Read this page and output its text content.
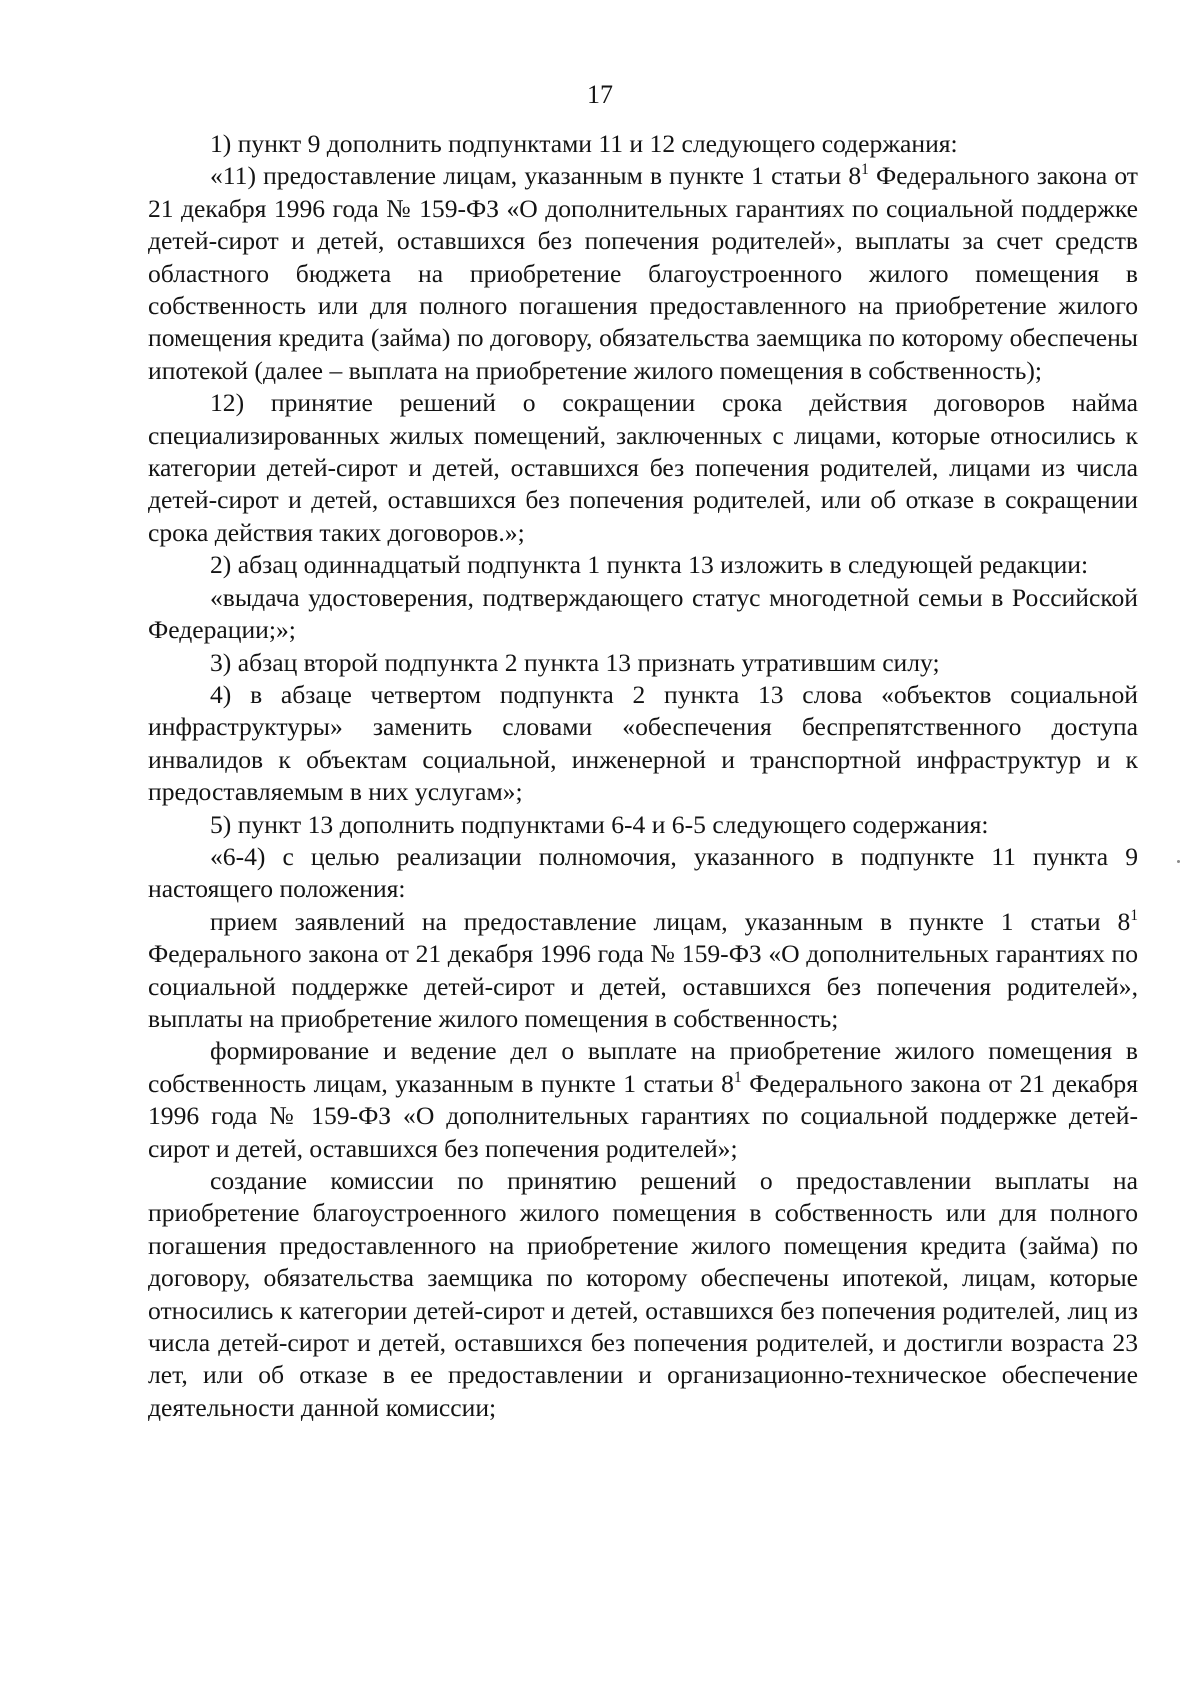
17

1) пункт 9 дополнить подпунктами 11 и 12 следующего содержания:

«11) предоставление лицам, указанным в пункте 1 статьи $8^1$ Федерального закона от 21 декабря 1996 года № 159-ФЗ «О дополнительных гарантиях по социальной поддержке детей-сирот и детей, оставшихся без попечения родителей», выплаты за счет средств областного бюджета на приобретение благоустроенного жилого помещения в собственность или для полного погашения предоставленного на приобретение жилого помещения кредита (займа) по договору, обязательства заемщика по которому обеспечены ипотекой (далее – выплата на приобретение жилого помещения в собственность);

12) принятие решений о сокращении срока действия договоров найма специализированных жилых помещений, заключенных с лицами, которые относились к категории детей-сирот и детей, оставшихся без попечения родителей, лицами из числа детей-сирот и детей, оставшихся без попечения родителей, или об отказе в сокращении срока действия таких договоров.»;

2) абзац одиннадцатый подпункта 1 пункта 13 изложить в следующей редакции:

«выдача удостоверения, подтверждающего статус многодетной семьи в Российской Федерации;»;

3) абзац второй подпункта 2 пункта 13 признать утратившим силу;

4) в абзаце четвертом подпункта 2 пункта 13 слова «объектов социальной инфраструктуры» заменить словами «обеспечения беспрепятственного доступа инвалидов к объектам социальной, инженерной и транспортной инфраструктур и к предоставляемым в них услугам»;

5) пункт 13 дополнить подпунктами 6-4 и 6-5 следующего содержания:

«6-4) с целью реализации полномочия, указанного в подпункте 11 пункта 9 настоящего положения:

прием заявлений на предоставление лицам, указанным в пункте 1 статьи $8^1$ Федерального закона от 21 декабря 1996 года № 159-ФЗ «О дополнительных гарантиях по социальной поддержке детей-сирот и детей, оставшихся без попечения родителей», выплаты на приобретение жилого помещения в собственность;

формирование и ведение дел о выплате на приобретение жилого помещения в собственность лицам, указанным в пункте 1 статьи $8^1$ Федерального закона от 21 декабря 1996 года № 159-ФЗ «О дополнительных гарантиях по социальной поддержке детей-сирот и детей, оставшихся без попечения родителей»;

создание комиссии по принятию решений о предоставлении выплаты на приобретение благоустроенного жилого помещения в собственность или для полного погашения предоставленного на приобретение жилого помещения кредита (займа) по договору, обязательства заемщика по которому обеспечены ипотекой, лицам, которые относились к категории детей-сирот и детей, оставшихся без попечения родителей, лиц из числа детей-сирот и детей, оставшихся без попечения родителей, и достигли возраста 23 лет, или об отказе в ее предоставлении и организационно-техническое обеспечение деятельности данной комиссии;
